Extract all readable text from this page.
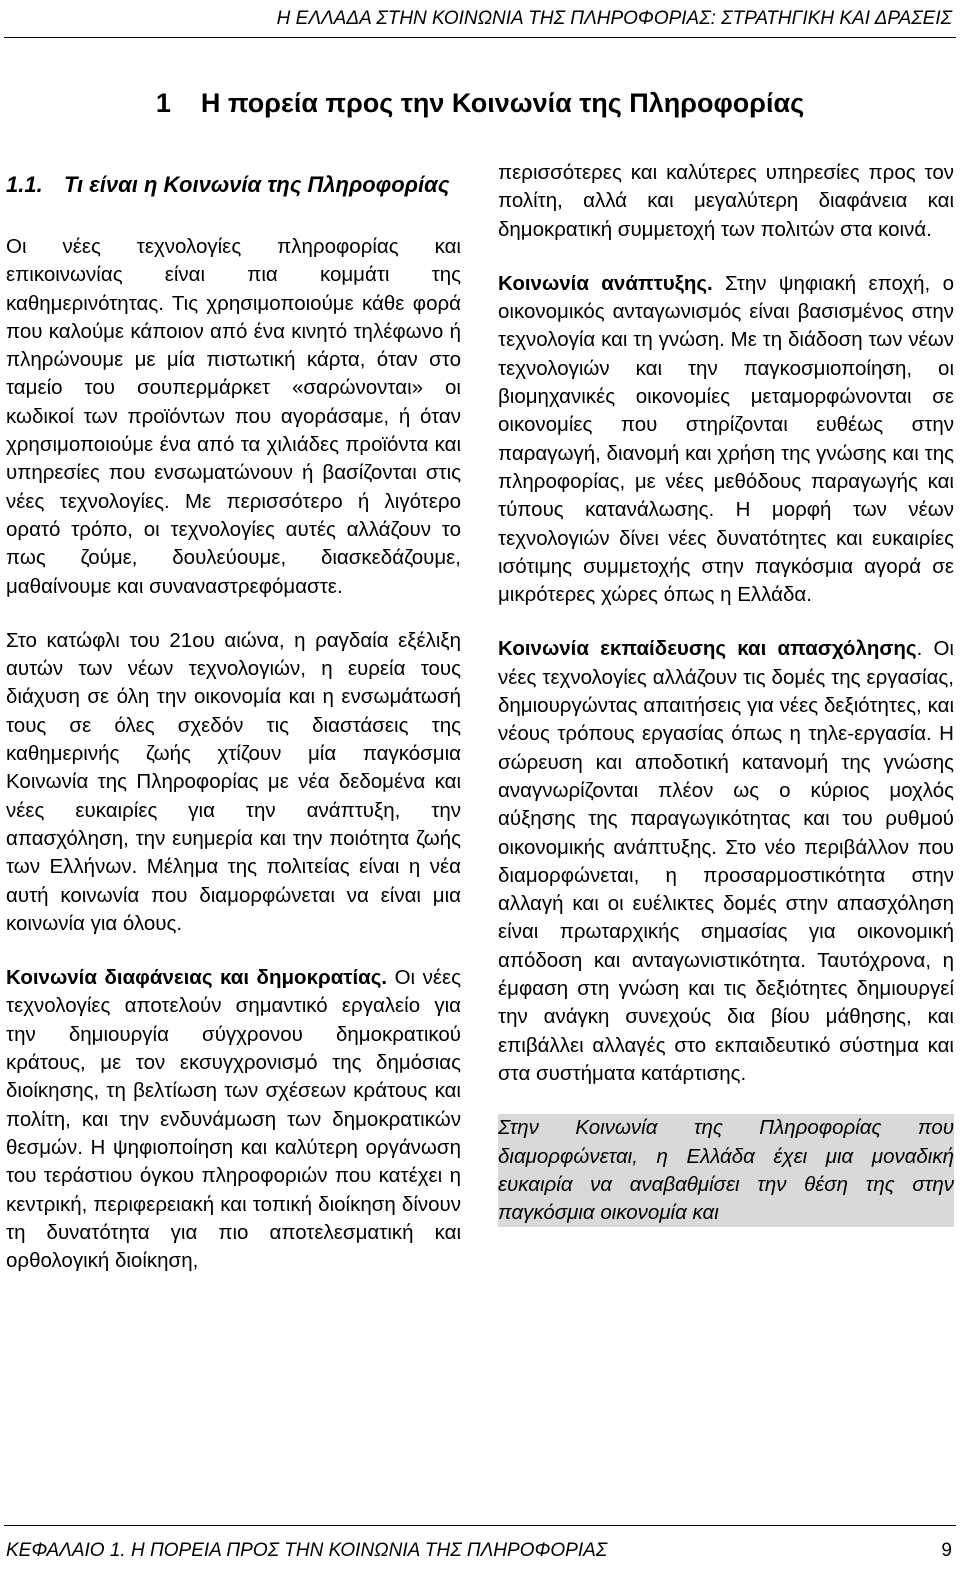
Η ΕΛΛΑΔΑ ΣΤΗΝ ΚΟΙΝΩΝΙΑ ΤΗΣ ΠΛΗΡΟΦΟΡΙΑΣ: ΣΤΡΑΤΗΓΙΚΗ ΚΑΙ ΔΡΑΣΕΙΣ
1 Η πορεία προς την Κοινωνία της Πληροφορίας
1.1. Τι είναι η Κοινωνία της Πληροφορίας

Οι νέες τεχνολογίες πληροφορίας και επικοινωνίας είναι πια κομμάτι της καθημερινότητας. Τις χρησιμοποιούμε κάθε φορά που καλούμε κάποιον από ένα κινητό τηλέφωνο ή πληρώνουμε με μία πιστωτική κάρτα, όταν στο ταμείο του σουπερμάρκετ «σαρώνονται» οι κωδικοί των προϊόντων που αγοράσαμε, ή όταν χρησιμοποιούμε ένα από τα χιλιάδες προϊόντα και υπηρεσίες που ενσωματώνουν ή βασίζονται στις νέες τεχνολογίες. Με περισσότερο ή λιγότερο ορατό τρόπο, οι τεχνολογίες αυτές αλλάζουν το πως ζούμε, δουλεύουμε, διασκεδάζουμε, μαθαίνουμε και συναναστρεφόμαστε.

Στο κατώφλι του 21ου αιώνα, η ραγδαία εξέλιξη αυτών των νέων τεχνολογιών, η ευρεία τους διάχυση σε όλη την οικονομία και η ενσωμάτωσή τους σε όλες σχεδόν τις διαστάσεις της καθημερινής ζωής χτίζουν μία παγκόσμια Κοινωνία της Πληροφορίας με νέα δεδομένα και νέες ευκαιρίες για την ανάπτυξη, την απασχόληση, την ευημερία και την ποιότητα ζωής των Ελλήνων. Μέλημα της πολιτείας είναι η νέα αυτή κοινωνία που διαμορφώνεται να είναι μια κοινωνία για όλους.

Κοινωνία διαφάνειας και δημοκρατίας. Οι νέες τεχνολογίες αποτελούν σημαντικό εργαλείο για την δημιουργία σύγχρονου δημοκρατικού κράτους, με τον εκσυγχρονισμό της δημόσιας διοίκησης, τη βελτίωση των σχέσεων κράτους και πολίτη, και την ενδυνάμωση των δημοκρατικών θεσμών. Η ψηφιοποίηση και καλύτερη οργάνωση του τεράστιου όγκου πληροφοριών που κατέχει η κεντρική, περιφερειακή και τοπική διοίκηση δίνουν τη δυνατότητα για πιο αποτελεσματική και ορθολογική διοίκηση,

περισσότερες και καλύτερες υπηρεσίες προς τον πολίτη, αλλά και μεγαλύτερη διαφάνεια και δημοκρατική συμμετοχή των πολιτών στα κοινά.

Κοινωνία ανάπτυξης. Στην ψηφιακή εποχή, ο οικονομικός ανταγωνισμός είναι βασισμένος στην τεχνολογία και τη γνώση. Με τη διάδοση των νέων τεχνολογιών και την παγκοσμιοποίηση, οι βιομηχανικές οικονομίες μεταμορφώνονται σε οικονομίες που στηρίζονται ευθέως στην παραγωγή, διανομή και χρήση της γνώσης και της πληροφορίας, με νέες μεθόδους παραγωγής και τύπους κατανάλωσης. Η μορφή των νέων τεχνολογιών δίνει νέες δυνατότητες και ευκαιρίες ισότιμης συμμετοχής στην παγκόσμια αγορά σε μικρότερες χώρες όπως η Ελλάδα.

Κοινωνία εκπαίδευσης και απασχόλησης. Οι νέες τεχνολογίες αλλάζουν τις δομές της εργασίας, δημιουργώντας απαιτήσεις για νέες δεξιότητες, και νέους τρόπους εργασίας όπως η τηλε-εργασία. Η σώρευση και αποδοτική κατανομή της γνώσης αναγνωρίζονται πλέον ως ο κύριος μοχλός αύξησης της παραγωγικότητας και του ρυθμού οικονομικής ανάπτυξης. Στο νέο περιβάλλον που διαμορφώνεται, η προσαρμοστικότητα στην αλλαγή και οι ευέλικτες δομές στην απασχόληση είναι πρωταρχικής σημασίας για οικονομική απόδοση και ανταγωνιστικότητα. Ταυτόχρονα, η έμφαση στη γνώση και τις δεξιότητες δημιουργεί την ανάγκη συνεχούς δια βίου μάθησης, και επιβάλλει αλλαγές στο εκπαιδευτικό σύστημα και στα συστήματα κατάρτισης.

Στην Κοινωνία της Πληροφορίας που διαμορφώνεται, η Ελλάδα έχει μια μοναδική ευκαιρία να αναβαθμίσει την θέση της στην παγκόσμια οικονομία και

ΚΕΦΑΛΑΙΟ 1. Η ΠΟΡΕΙΑ ΠΡΟΣ ΤΗΝ ΚΟΙΝΩΝΙΑ ΤΗΣ ΠΛΗΡΟΦΟΡΙΑΣ	9
